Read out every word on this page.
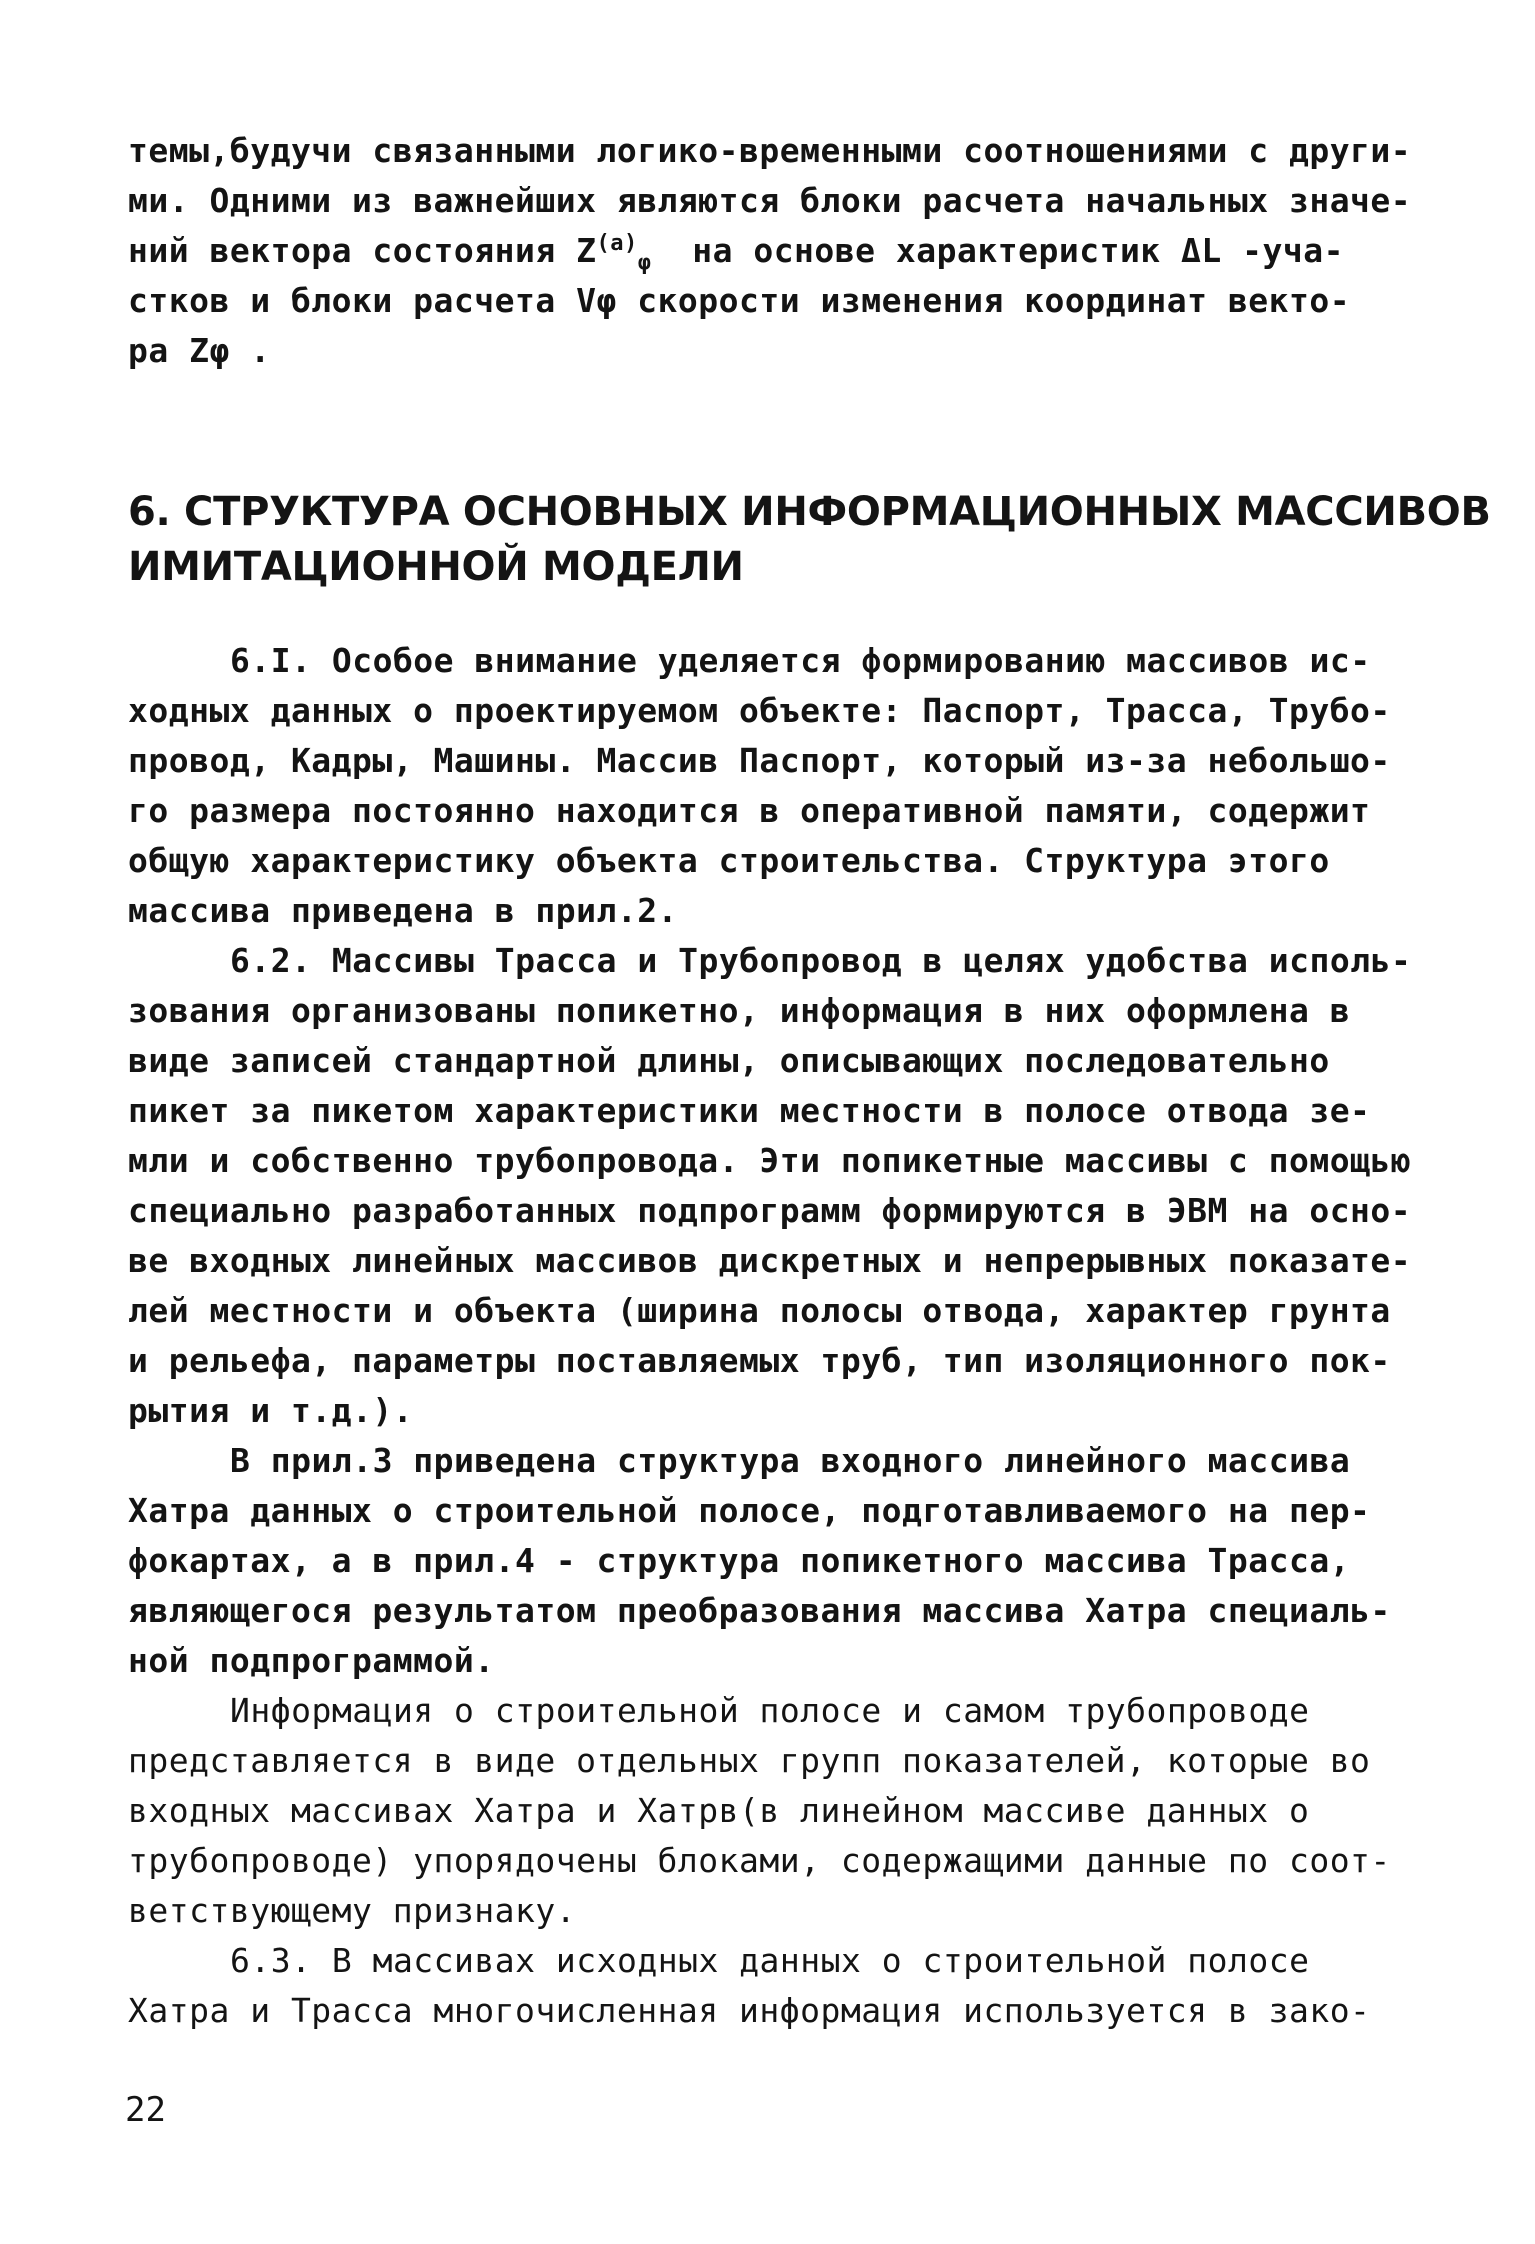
темы,будучи связанными логико-временными соотношениями с други-
ми. Одними из важнейших являются блоки расчета начальных значе-
ний вектора состояния $Z^{(a)}_\varphi$ на основе характеристик ΔL -уча-
стков и блоки расчета Vφ скорости изменения координат векто-
ра Zφ .
6. СТРУКТУРА ОСНОВНЫХ ИНФОРМАЦИОННЫХ МАССИВОВ
ИМИТАЦИОННОЙ МОДЕЛИ
6.I. Особое внимание уделяется формированию массивов ис-
ходных данных о проектируемом объекте: Паспорт, Трасса, Трубо-
провод, Кадры, Машины. Массив Паспорт, который из-за небольшо-
го размера постоянно находится в оперативной памяти, содержит
общую характеристику объекта строительства. Структура этого
массива приведена в прил.2.
6.2. Массивы Трасса и Трубопровод в целях удобства исполь-
зования организованы попикетно, информация в них оформлена в
виде записей стандартной длины, описывающих последовательно
пикет за пикетом характеристики местности в полосе отвода зе-
мли и собственно трубопровода. Эти попикетные массивы с помощью
специально разработанных подпрограмм формируются в ЭВМ на осно-
ве входных линейных массивов дискретных и непрерывных показате-
лей местности и объекта (ширина полосы отвода, характер грунта
и рельефа, параметры поставляемых труб, тип изоляционного пок-
рытия и т.д.).
В прил.3 приведена структура входного линейного массива
Хатра данных о строительной полосе, подготавливаемого на пер-
фокартах, а в прил.4 - структура попикетного массива Трасса,
являющегося результатом преобразования массива Хатра специаль-
ной подпрограммой.
Информация о строительной полосе и самом трубопроводе
представляется в виде отдельных групп показателей, которые во
входных массивах Хатра и Хатрв(в линейном массиве данных о
трубопроводе) упорядочены блоками, содержащими данные по соот-
ветствующему признаку.
6.3. В массивах исходных данных о строительной полосе
Хатра и Трасса многочисленная информация используется в зако-
22
